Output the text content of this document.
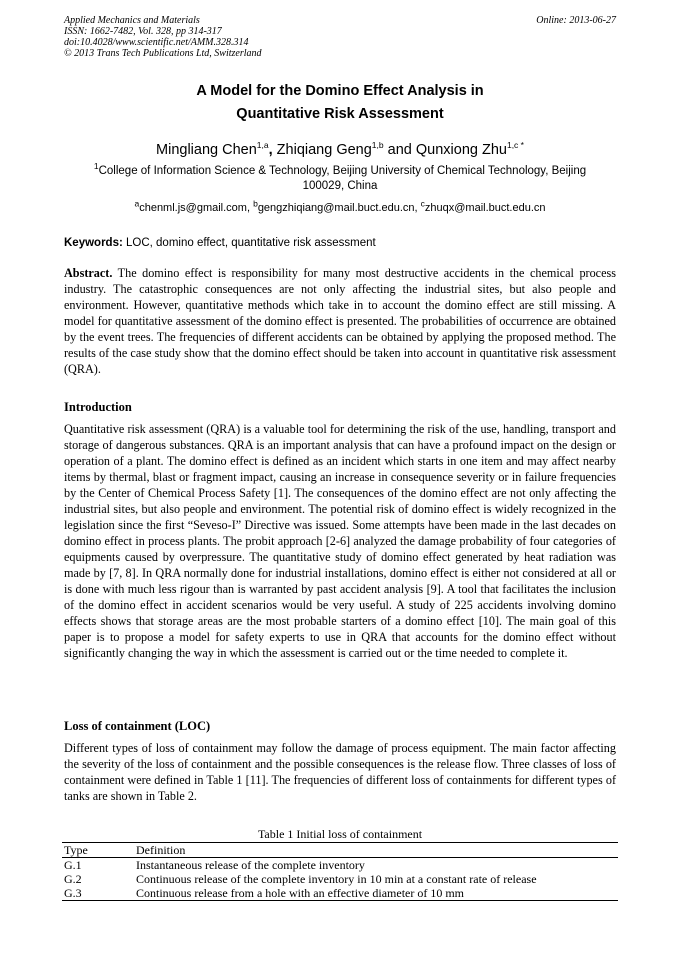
Applied Mechanics and Materials
ISSN: 1662-7482, Vol. 328, pp 314-317
doi:10.4028/www.scientific.net/AMM.328.314
© 2013 Trans Tech Publications Ltd, Switzerland
Online: 2013-06-27
A Model for the Domino Effect Analysis in
Quantitative Risk Assessment
Mingliang Chen$^{1,a}$, Zhiqiang Geng$^{1,b}$ and Qunxiong Zhu$^{1,c *}$
$^1$College of Information Science & Technology, Beijing University of Chemical Technology, Beijing
100029, China
$^a$chenml.js@gmail.com, $^b$gengzhiqiang@mail.buct.edu.cn, $^c$zhuqx@mail.buct.edu.cn
Keywords: LOC, domino effect, quantitative risk assessment

Abstract. The domino effect is responsibility for many most destructive accidents in the chemical process industry. The catastrophic consequences are not only affecting the industrial sites, but also people and environment. However, quantitative methods which take in to account the domino effect are still missing. A model for quantitative assessment of the domino effect is presented. The probabilities of occurrence are obtained by the event trees. The frequencies of different accidents can be obtained by applying the proposed method. The results of the case study show that the domino effect should be taken into account in quantitative risk assessment (QRA).

Introduction

Quantitative risk assessment (QRA) is a valuable tool for determining the risk of the use, handling, transport and storage of dangerous substances. QRA is an important analysis that can have a profound impact on the design or operation of a plant. The domino effect is defined as an incident which starts in one item and may affect nearby items by thermal, blast or fragment impact, causing an increase in consequence severity or in failure frequencies by the Center of Chemical Process Safety [1]. The consequences of the domino effect are not only affecting the industrial sites, but also people and environment. The potential risk of domino effect is widely recognized in the legislation since the first “Seveso-I” Directive was issued. Some attempts have been made in the last decades on domino effect in process plants. The probit approach [2-6] analyzed the damage probability of four categories of equipments caused by overpressure. The quantitative study of domino effect generated by heat radiation was made by [7, 8]. In QRA normally done for industrial installations, domino effect is either not considered at all or is done with much less rigour than is warranted by past accident analysis [9]. A tool that facilitates the inclusion of the domino effect in accident scenarios would be very useful. A study of 225 accidents involving domino effects shows that storage areas are the most probable starters of a domino effect [10]. The main goal of this paper is to propose a model for safety experts to use in QRA that accounts for the domino effect without significantly changing the way in which the assessment is carried out or the time needed to complete it.

Loss of containment (LOC)

Different types of loss of containment may follow the damage of process equipment. The main factor affecting the severity of the loss of containment and the possible consequences is the release flow. Three classes of loss of containment were defined in Table 1 [11]. The frequencies of different loss of containments for different types of tanks are shown in Table 2.

Table 1 Initial loss of containment
Type	Definition
G.1	Instantaneous release of the complete inventory
G.2	Continuous release of the complete inventory in 10 min at a constant rate of release
G.3	Continuous release from a hole with an effective diameter of 10 mm
